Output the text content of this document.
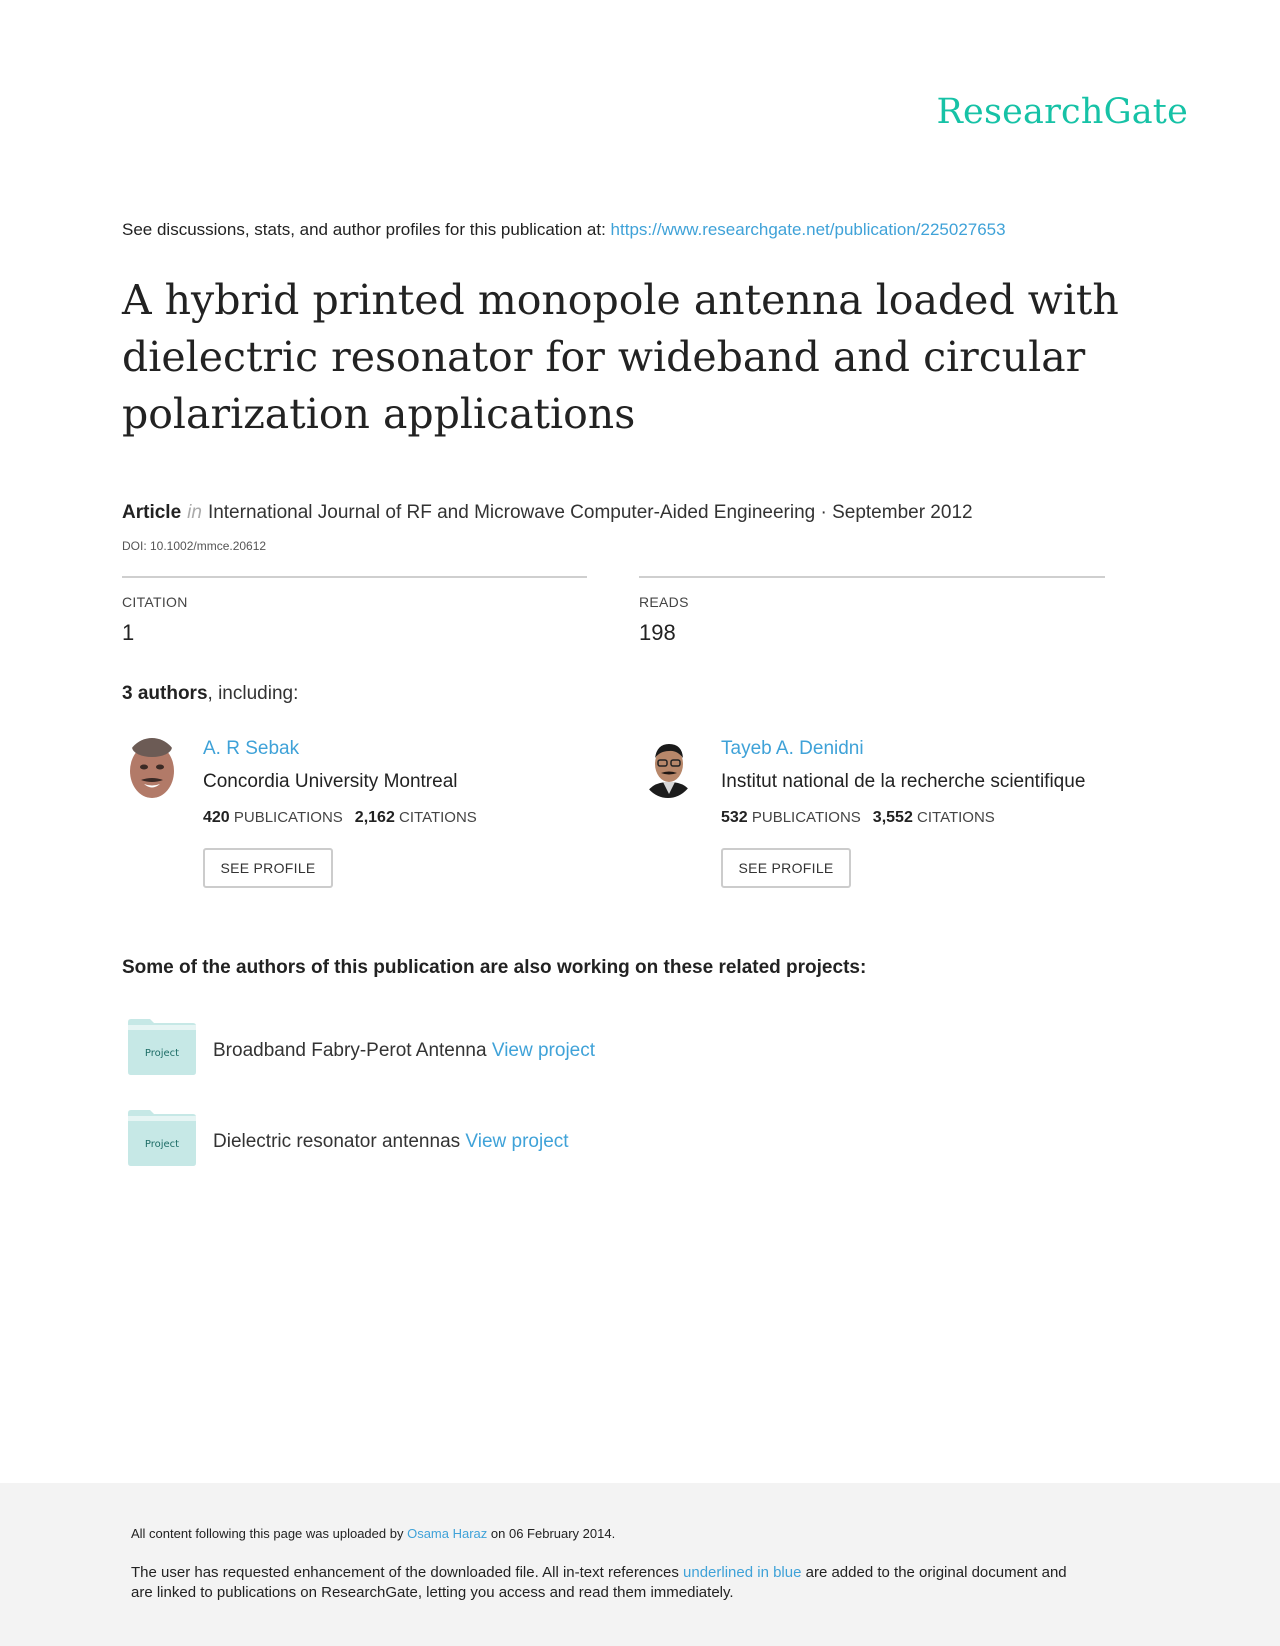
ResearchGate
See discussions, stats, and author profiles for this publication at: https://www.researchgate.net/publication/225027653
A hybrid printed monopole antenna loaded with dielectric resonator for wideband and circular polarization applications
Article in International Journal of RF and Microwave Computer-Aided Engineering · September 2012
DOI: 10.1002/mmce.20612
CITATION
1
READS
198
3 authors, including:
A. R Sebak
Concordia University Montreal
420 PUBLICATIONS 2,162 CITATIONS
SEE PROFILE
Tayeb A. Denidni
Institut national de la recherche scientifique
532 PUBLICATIONS 3,552 CITATIONS
SEE PROFILE
Some of the authors of this publication are also working on these related projects:
Project Broadband Fabry-Perot Antenna View project
Project Dielectric resonator antennas View project
All content following this page was uploaded by Osama Haraz on 06 February 2014.
The user has requested enhancement of the downloaded file. All in-text references underlined in blue are added to the original document and are linked to publications on ResearchGate, letting you access and read them immediately.
